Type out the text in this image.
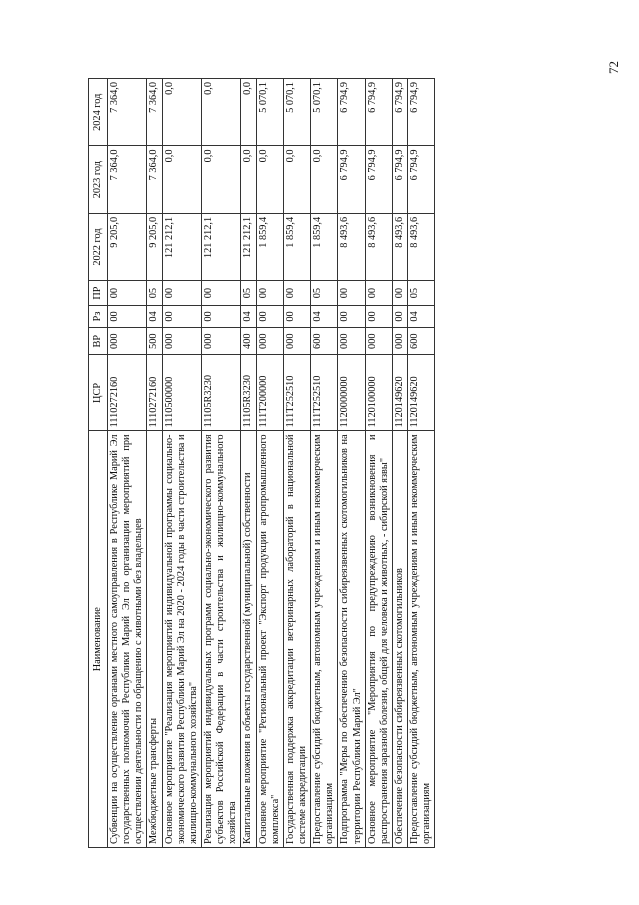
72
Наименование	ЦСР	ВР	Рз	ПР	2022 год	2023 год	2024 год
Субвенции на осуществление органами местного самоуправления в Республике Марий Эл государственных полномочий Республики Марий Эл по организации мероприятий при осуществлении деятельности по обращению с животными без владельцев	1110272160	000	00	00	9 205,0	7 364,0	7 364,0
Межбюджетные трансферты	1110272160	500	04	05	9 205,0	7 364,0	7 364,0
Основное мероприятие "Реализация мероприятий индивидуальной программы социально-экономического развития Республики Марий Эл на 2020 - 2024 годы в части строительства и жилищно-коммунального хозяйства"	1110500000	000	00	00	121 212,1	0,0	0,0
Реализация мероприятий индивидуальных программ социально-экономического развития субъектов Российской Федерации в части строительства и жилищно-коммунального хозяйства	11105R3230	000	00	00	121 212,1	0,0	0,0
Капитальные вложения в объекты государственной (муниципальной) собственности	11105R3230	400	04	05	121 212,1	0,0	0,0
Основное мероприятие "Региональный проект "Экспорт продукции агропромышленного комплекса"	111T200000	000	00	00	1 859,4	0,0	5 070,1
Государственная поддержка аккредитации ветеринарных лабораторий в национальной системе аккредитации	111T252510	000	00	00	1 859,4	0,0	5 070,1
Предоставление субсидий бюджетным, автономным учреждениям и иным некоммерческим организациям	111T252510	600	04	05	1 859,4	0,0	5 070,1
Подпрограмма "Меры по обеспечению безопасности сибиреязвенных скотомогильников на территории Республики Марий Эл"	1120000000	000	00	00	8 493,6	6 794,9	6 794,9
Основное мероприятие "Мероприятия по предупреждению возникновения и распространения заразной болезни, общей для человека и животных, - сибирской язвы"	1120100000	000	00	00	8 493,6	6 794,9	6 794,9
Обеспечение безопасности сибиреязвенных скотомогильников	1120149620	000	00	00	8 493,6	6 794,9	6 794,9
Предоставление субсидий бюджетным, автономным учреждениям и иным некоммерческим организациям	1120149620	600	04	05	8 493,6	6 794,9	6 794,9
